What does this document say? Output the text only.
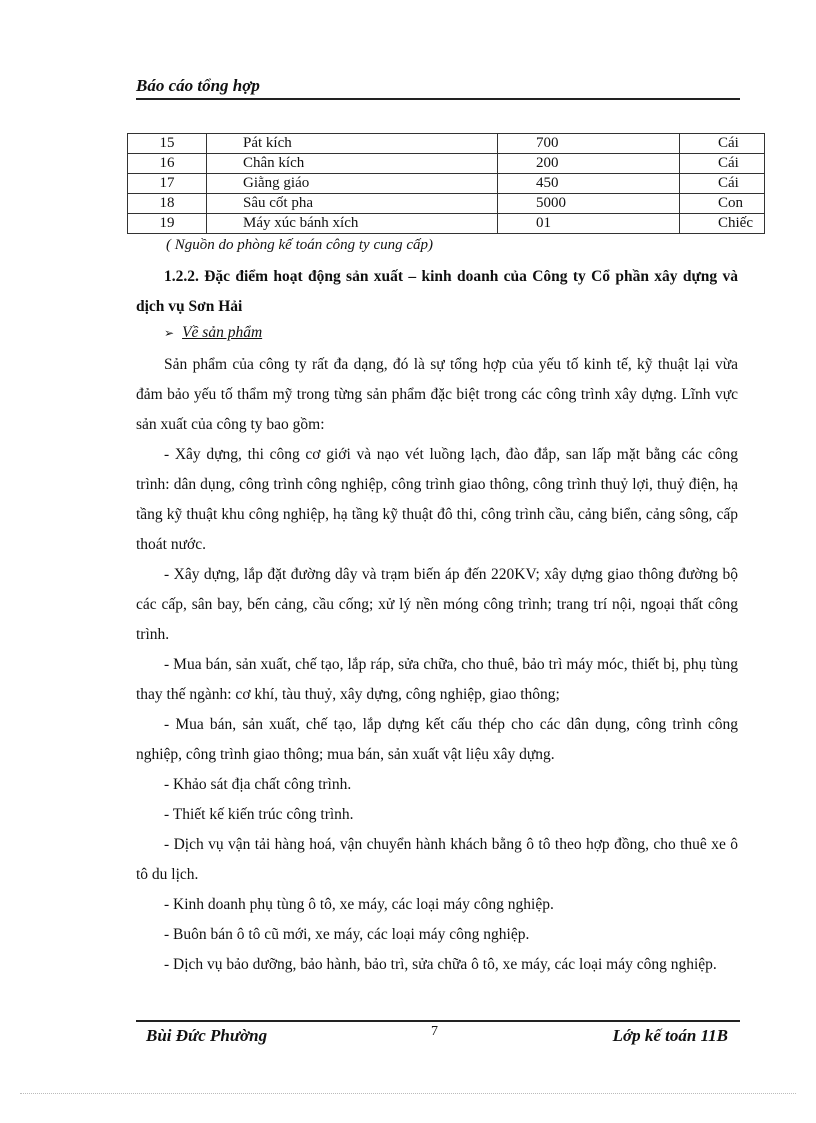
Báo cáo tổng hợp
15	Pát kích	700	Cái
16	Chân kích	200	Cái
17	Giằng giáo	450	Cái
18	Sâu cốt pha	5000	Con
19	Máy xúc bánh xích	01	Chiếc
( Nguồn do phòng kế toán công ty cung cấp)
1.2.2. Đặc điểm hoạt động sản xuất – kinh doanh của Công ty Cổ phần xây dựng và dịch vụ Sơn Hải
➢ Về sản phẩm

Sản phẩm của công ty rất đa dạng, đó là sự tổng hợp của yếu tố kinh tế, kỹ thuật lại vừa đảm bảo yếu tố thẩm mỹ trong từng sản phẩm đặc biệt trong các công trình xây dựng. Lĩnh vực sản xuất của công ty bao gồm:

- Xây dựng, thi công cơ giới và nạo vét luồng lạch, đào đắp, san lấp mặt bằng các công trình: dân dụng, công trình công nghiệp, công trình giao thông, công trình thuỷ lợi, thuỷ điện, hạ tầng kỹ thuật khu công nghiệp, hạ tầng kỹ thuật đô thi, công trình cầu, cảng biển, cảng sông, cấp thoát nước.

- Xây dựng, lắp đặt đường dây và trạm biến áp đến 220KV; xây dựng giao thông đường bộ các cấp, sân bay, bến cảng, cầu cống; xử lý nền móng công trình; trang trí nội, ngoại thất công trình.

- Mua bán, sản xuất, chế tạo, lắp ráp, sửa chữa, cho thuê, bảo trì máy móc, thiết bị, phụ tùng thay thế ngành: cơ khí, tàu thuỷ, xây dựng, công nghiệp, giao thông;

- Mua bán, sản xuất, chế tạo, lắp dựng kết cấu thép cho các dân dụng, công trình công nghiệp, công trình giao thông; mua bán, sản xuất vật liệu xây dựng.

- Khảo sát địa chất công trình.

- Thiết kế kiến trúc công trình.

- Dịch vụ vận tải hàng hoá, vận chuyển hành khách bằng ô tô theo hợp đồng, cho thuê xe ô tô du lịch.

- Kinh doanh phụ tùng ô tô, xe máy, các loại máy công nghiệp.

- Buôn bán ô tô cũ mới, xe máy, các loại máy công nghiệp.

- Dịch vụ bảo dưỡng, bảo hành, bảo trì, sửa chữa ô tô, xe máy, các loại máy công nghiệp.

Bùi Đức Phường	7	Lớp kế toán 11B
